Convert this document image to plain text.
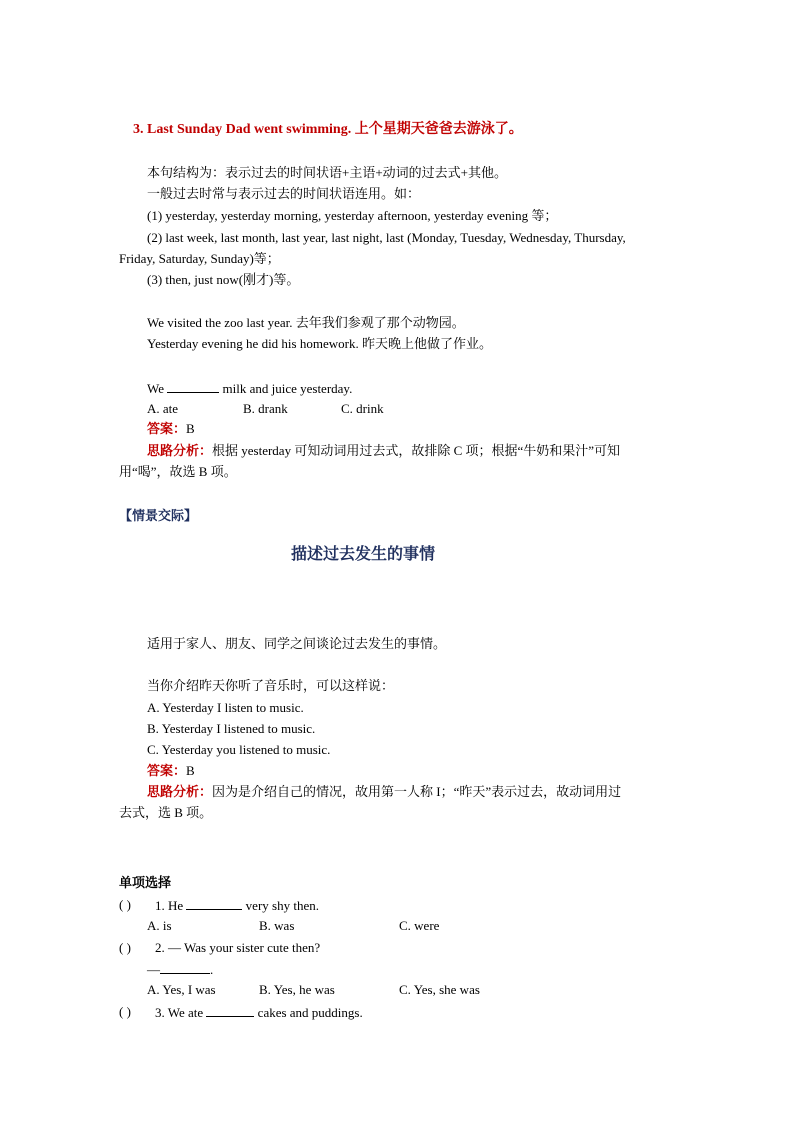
3. Last Sunday Dad went swimming. 上个星期天爸爸去游泳了。
本句结构为：表示过去的时间状语+主语+动词的过去式+其他。
一般过去时常与表示过去的时间状语连用。如：
(1) yesterday, yesterday morning, yesterday afternoon, yesterday evening 等；
(2) last week, last month, last year, last night, last (Monday, Tuesday, Wednesday, Thursday,
Friday, Saturday, Sunday)等；
(3) then, just now(刚才)等。
We visited the zoo last year. 去年我们参观了那个动物园。
Yesterday evening he did his homework. 昨天晚上他做了作业。
We	milk and juice yesterday.
A. ate	B. drank	C. drink
答案：B
思路分析：根据 yesterday 可知动词用过去式，故排除 C 项；根据“牛奶和果汁”可知
用“喝”，故选 B 项。
【情景交际】
描述过去发生的事情
适用于家人、朋友、同学之间谈论过去发生的事情。
当你介绍昨天你听了音乐时，可以这样说：
A. Yesterday I listen to music.
B. Yesterday I listened to music.
C. Yesterday you listened to music.
答案：B
思路分析：因为是介绍自己的情况，故用第一人称 I；“昨天”表示过去，故动词用过
去式，选 B 项。
单项选择
( ) 1. He	very shy then.
A. is	B. was	C. were
( ) 2. — Was your sister cute then?
—	.
A. Yes, I was	B. Yes, he was	C. Yes, she was
( ) 3. We ate	cakes and puddings.
